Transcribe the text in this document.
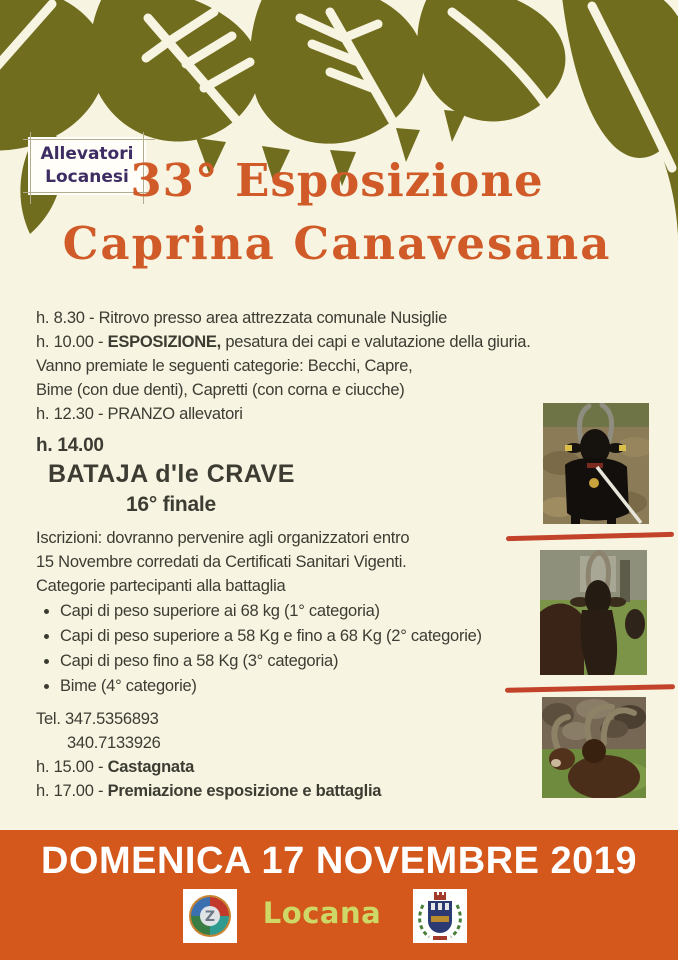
Allevatori
Locanesi 33° Esposizione
Caprina Canavesana

h. 8.30 - Ritrovo presso area attrezzata comunale Nusiglie

h. 10.00 - ESPOSIZIONE, pesatura dei capi e valutazione della giuria.

Vanno premiate le seguenti categorie: Becchi, Capre,

Bime (con due denti), Capretti (con corna e ciucche)

h. 12.30 - PRANZO allevatori

h. 14.00

BATAJA d'le CRAVE

16° finale

Iscrizioni: dovranno pervenire agli organizzatori entro

15 Novembre corredati da Certificati Sanitari Vigenti.

Categorie partecipanti alla battaglia

• Capi di peso superiore ai 68 kg (1° categoria)
• Capi di peso superiore a 58 Kg e fino a 68 Kg (2° categorie)
• Capi di peso fino a 58 Kg (3° categoria)
• Bime (4° categorie)

Tel. 347.5356893

340.7133926

h. 15.00 - Castagnata

h. 17.00 - Premiazione esposizione e battaglia

DOMENICA 17 NOVEMBRE 2019
Z	Locana
